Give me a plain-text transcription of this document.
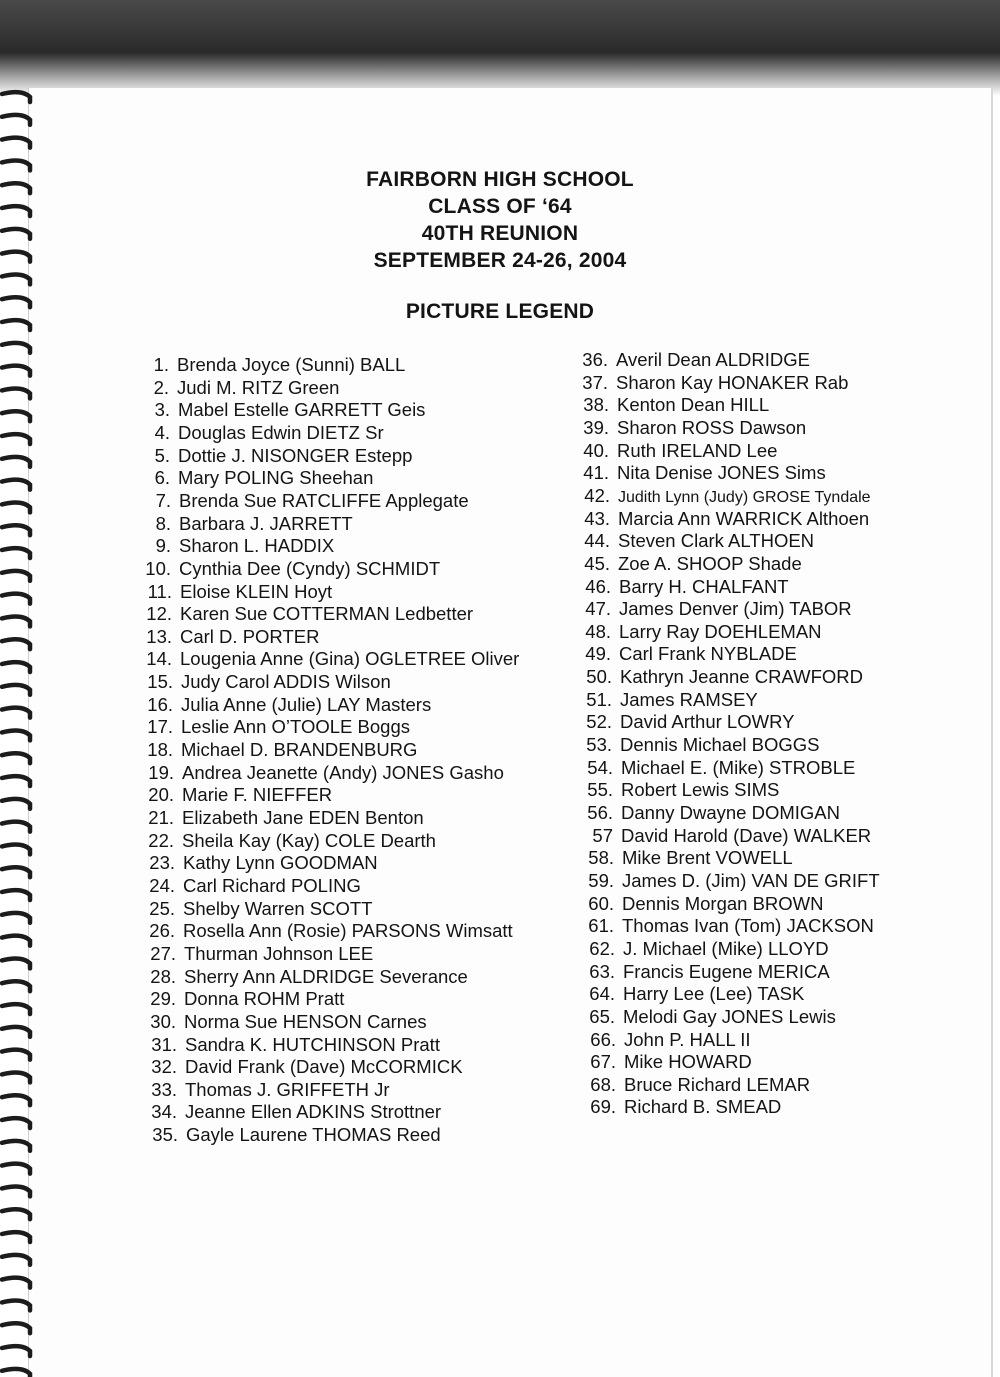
FAIRBORN HIGH SCHOOL
CLASS OF ‘64
40TH REUNION
SEPTEMBER 24-26, 2004
PICTURE LEGEND
1. Brenda Joyce (Sunni) BALL
2. Judi M. RITZ Green
3. Mabel Estelle GARRETT Geis
4. Douglas Edwin DIETZ Sr
5. Dottie J. NISONGER Estepp
6. Mary POLING Sheehan
7. Brenda Sue RATCLIFFE Applegate
8. Barbara J. JARRETT
9. Sharon L. HADDIX
10. Cynthia Dee (Cyndy) SCHMIDT
11. Eloise KLEIN Hoyt
12. Karen Sue COTTERMAN Ledbetter
13. Carl D. PORTER
14. Lougenia Anne (Gina) OGLETREE Oliver
15. Judy Carol ADDIS Wilson
16. Julia Anne (Julie) LAY Masters
17. Leslie Ann O’TOOLE Boggs
18. Michael D. BRANDENBURG
19. Andrea Jeanette (Andy) JONES Gasho
20. Marie F. NIEFFER
21. Elizabeth Jane EDEN Benton
22. Sheila Kay (Kay) COLE Dearth
23. Kathy Lynn GOODMAN
24. Carl Richard POLING
25. Shelby Warren SCOTT
26. Rosella Ann (Rosie) PARSONS Wimsatt
27. Thurman Johnson LEE
28. Sherry Ann ALDRIDGE Severance
29. Donna ROHM Pratt
30. Norma Sue HENSON Carnes
31. Sandra K. HUTCHINSON Pratt
32. David Frank (Dave) McCORMICK
33. Thomas J. GRIFFETH Jr
34. Jeanne Ellen ADKINS Strottner
35. Gayle Laurene THOMAS Reed
36. Averil Dean ALDRIDGE
37. Sharon Kay HONAKER Rab
38. Kenton Dean HILL
39. Sharon ROSS Dawson
40. Ruth IRELAND Lee
41. Nita Denise JONES Sims
42. Judith Lynn (Judy) GROSE Tyndale
43. Marcia Ann WARRICK Althoen
44. Steven Clark ALTHOEN
45. Zoe A. SHOOP Shade
46. Barry H. CHALFANT
47. James Denver (Jim) TABOR
48. Larry Ray DOEHLEMAN
49. Carl Frank NYBLADE
50. Kathryn Jeanne CRAWFORD
51. James RAMSEY
52. David Arthur LOWRY
53. Dennis Michael BOGGS
54. Michael E. (Mike) STROBLE
55. Robert Lewis SIMS
56. Danny Dwayne DOMIGAN
57 David Harold (Dave) WALKER
58. Mike Brent VOWELL
59. James D. (Jim) VAN DE GRIFT
60. Dennis Morgan BROWN
61. Thomas Ivan (Tom) JACKSON
62. J. Michael (Mike) LLOYD
63. Francis Eugene MERICA
64. Harry Lee (Lee) TASK
65. Melodi Gay JONES Lewis
66. John P. HALL II
67. Mike HOWARD
68. Bruce Richard LEMAR
69. Richard B. SMEAD
